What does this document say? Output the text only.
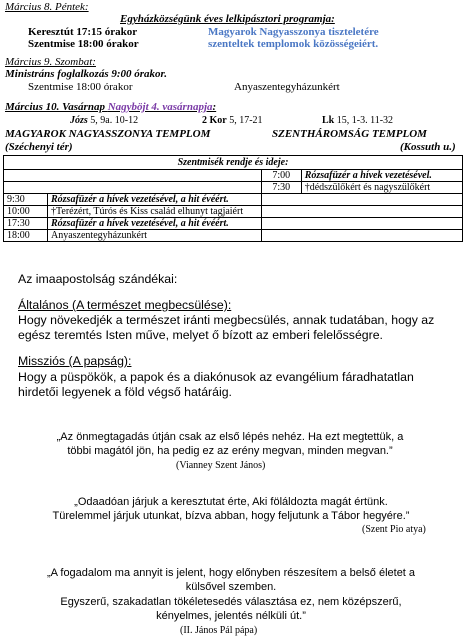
Március 8. Péntek:
Egyházközségünk éves lelkipásztori programja:
Keresztút 17:15 órakor	Magyarok Nagyasszonya tiszteletére
Szentmise 18:00 órakor	szenteltek templomok közösségeiért.
Március 9. Szombat:
Ministráns foglalkozás 9:00 órakor.
Szentmise 18:00 órakor	Anyaszentegyházunkért
Március 10. Vasárnap Nagyböjt 4. vasárnapja:
Józs 5, 9a. 10-12	2 Kor 5, 17-21	Lk 15, 1-3. 11-32
MAGYAROK NAGYASSZONYA TEMPLOM	SZENTHÁROMSÁG TEMPLOM
(Széchenyi tér)	(Kossuth u.)
Szentmisék rendje és ideje:			
		7:00	Rózsafüzér a hívek vezetésével.
		7:30	†dédszülőkért és nagyszülőkért
9:30	Rózsafüzér a hívek vezetésével, a hit évéért.		
10:00	†Terézért, Túrós és Kiss család elhunyt tagjaiért		
17:30	Rózsafüzér a hívek vezetésével, a hit évéért.		
18:00	Anyaszentegyházunkért		
Az imaapostolság szándékai:
Általános (A természet megbecsülése):
Hogy növekedjék a természet iránti megbecsülés, annak tudatában, hogy az
egész teremtés Isten műve, melyet ő bízott az emberi felelősségre.
Missziós (A papság):
Hogy a püspökök, a papok és a diakónusok az evangélium fáradhatatlan
hirdetői legyenek a föld végső határáig.
„Az önmegtagadás útján csak az első lépés nehéz. Ha ezt megtettük, a
többi magától jön, ha pedig ez az erény megvan, minden megvan.”
(Vianney Szent János)
„Odaadóan járjuk a keresztutat érte, Aki föláldozta magát értünk.
Türelemmel járjuk utunkat, bízva abban, hogy feljutunk a Tábor hegyére.”
(Szent Pio atya)
„A fogadalom ma annyit is jelent, hogy előnyben részesítem a belső életet a
külsővel szemben.
Egyszerű, szakadatlan tökéletesedés választása ez, nem középszerű,
kényelmes, jelentés nélküli út.”
(II. János Pál pápa)
